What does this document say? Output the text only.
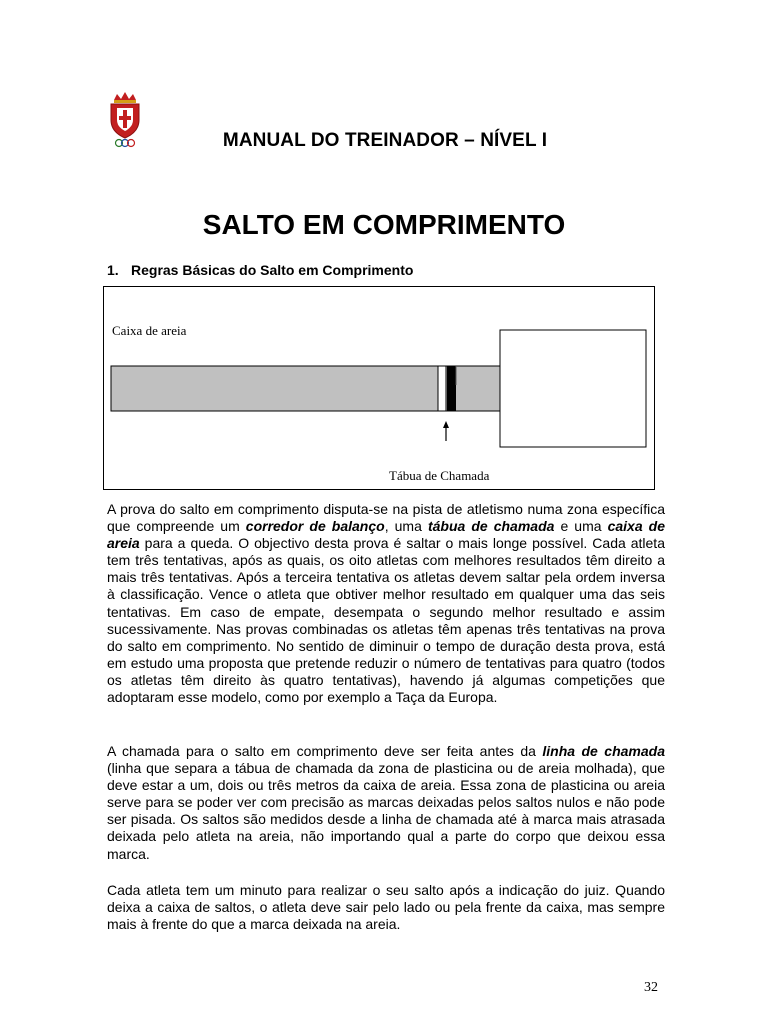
MANUAL DO TREINADOR – NÍVEL I
SALTO EM COMPRIMENTO
1. Regras Básicas do Salto em Comprimento
Caixa de areia
Tábua de Chamada
A prova do salto em comprimento disputa-se na pista de atletismo numa zona específica que compreende um corredor de balanço, uma tábua de chamada e uma caixa de areia para a queda. O objectivo desta prova é saltar o mais longe possível. Cada atleta tem três tentativas, após as quais, os oito atletas com melhores resultados têm direito a mais três tentativas. Após a terceira tentativa os atletas devem saltar pela ordem inversa à classificação. Vence o atleta que obtiver melhor resultado em qualquer uma das seis tentativas. Em caso de empate, desempata o segundo melhor resultado e assim sucessivamente. Nas provas combinadas os atletas têm apenas três tentativas na prova do salto em comprimento. No sentido de diminuir o tempo de duração desta prova, está em estudo uma proposta que pretende reduzir o número de tentativas para quatro (todos os atletas têm direito às quatro tentativas), havendo já algumas competições que adoptaram esse modelo, como por exemplo a Taça da Europa.
A chamada para o salto em comprimento deve ser feita antes da linha de chamada (linha que separa a tábua de chamada da zona de plasticina ou de areia molhada), que deve estar a um, dois ou três metros da caixa de areia. Essa zona de plasticina ou areia serve para se poder ver com precisão as marcas deixadas pelos saltos nulos e não pode ser pisada. Os saltos são medidos desde a linha de chamada até à marca mais atrasada deixada pelo atleta na areia, não importando qual a parte do corpo que deixou essa marca.
Cada atleta tem um minuto para realizar o seu salto após a indicação do juiz. Quando deixa a caixa de saltos, o atleta deve sair pelo lado ou pela frente da caixa, mas sempre mais à frente do que a marca deixada na areia.
32
